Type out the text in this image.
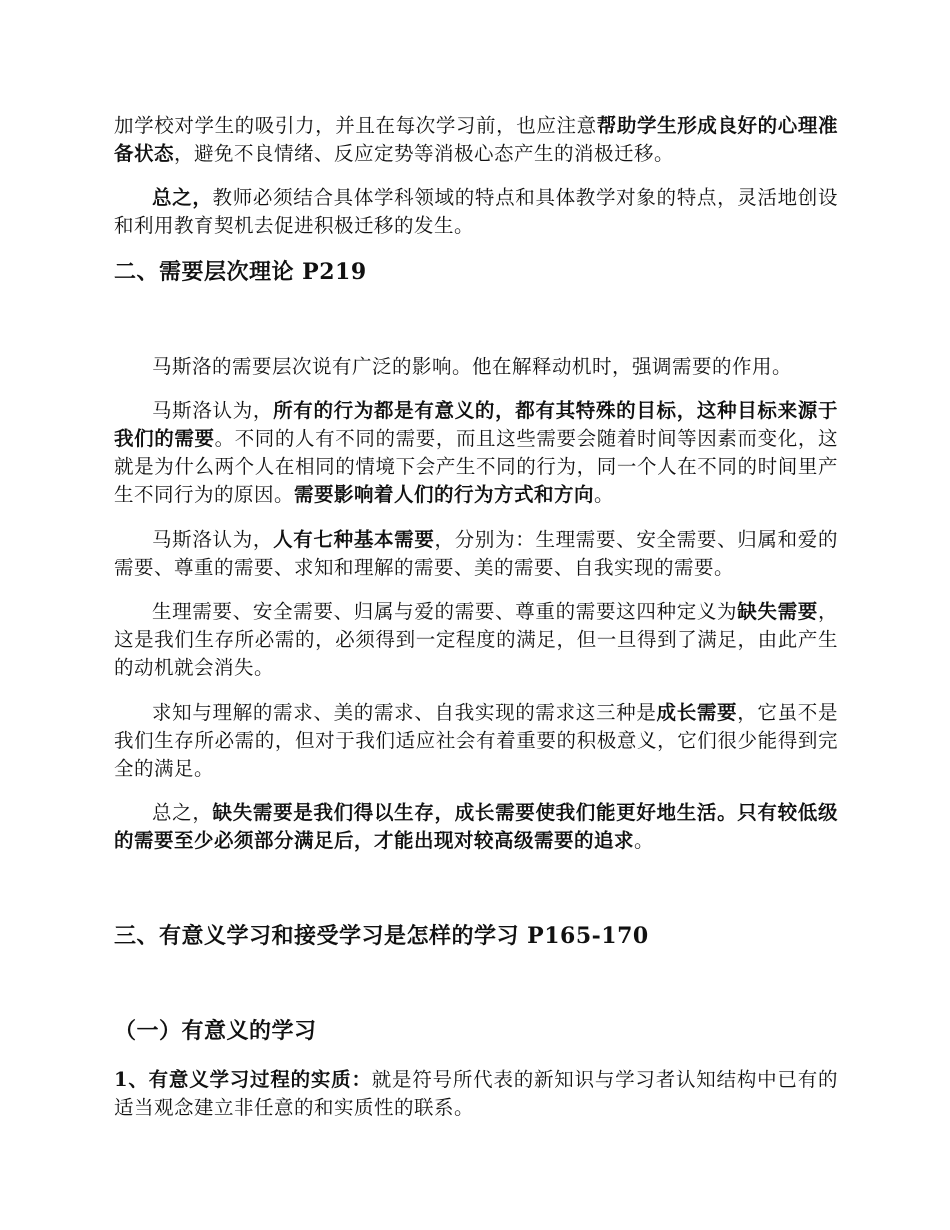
加学校对学生的吸引力，并且在每次学习前，也应注意帮助学生形成良好的心理准备状态，避免不良情绪、反应定势等消极心态产生的消极迁移。

总之，教师必须结合具体学科领域的特点和具体教学对象的特点，灵活地创设和利用教育契机去促进积极迁移的发生。

二、需要层次理论 P219

马斯洛的需要层次说有广泛的影响。他在解释动机时，强调需要的作用。

马斯洛认为，所有的行为都是有意义的，都有其特殊的目标，这种目标来源于我们的需要。不同的人有不同的需要，而且这些需要会随着时间等因素而变化，这就是为什么两个人在相同的情境下会产生不同的行为，同一个人在不同的时间里产生不同行为的原因。需要影响着人们的行为方式和方向。

马斯洛认为，人有七种基本需要，分别为：生理需要、安全需要、归属和爱的需要、尊重的需要、求知和理解的需要、美的需要、自我实现的需要。

生理需要、安全需要、归属与爱的需要、尊重的需要这四种定义为缺失需要，这是我们生存所必需的，必须得到一定程度的满足，但一旦得到了满足，由此产生的动机就会消失。

求知与理解的需求、美的需求、自我实现的需求这三种是成长需要，它虽不是我们生存所必需的，但对于我们适应社会有着重要的积极意义，它们很少能得到完全的满足。

总之，缺失需要是我们得以生存，成长需要使我们能更好地生活。只有较低级的需要至少必须部分满足后，才能出现对较高级需要的追求。

三、有意义学习和接受学习是怎样的学习 P165-170
（一）有意义的学习

1、有意义学习过程的实质：就是符号所代表的新知识与学习者认知结构中已有的适当观念建立非任意的和实质性的联系。
